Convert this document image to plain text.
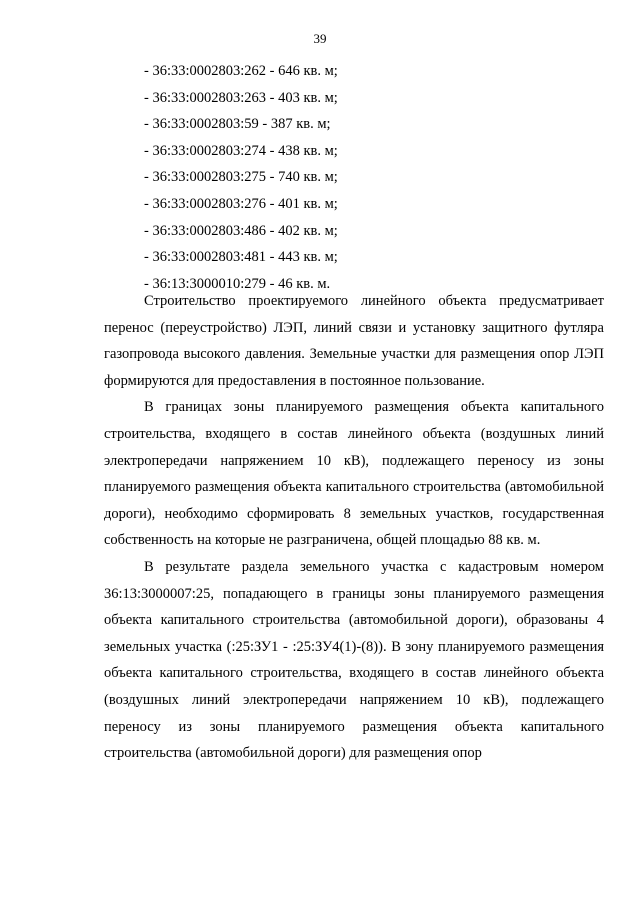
39
- 36:33:0002803:262 - 646 кв. м;
- 36:33:0002803:263 - 403 кв. м;
- 36:33:0002803:59 - 387 кв. м;
- 36:33:0002803:274 - 438 кв. м;
- 36:33:0002803:275 - 740 кв. м;
- 36:33:0002803:276 - 401 кв. м;
- 36:33:0002803:486 - 402 кв. м;
- 36:33:0002803:481 - 443 кв. м;
- 36:13:3000010:279 - 46 кв. м.

Строительство проектируемого линейного объекта предусматривает перенос (переустройство) ЛЭП, линий связи и установку защитного футляра газопровода высокого давления. Земельные участки для размещения опор ЛЭП формируются для предоставления в постоянное пользование.

В границах зоны планируемого размещения объекта капитального строительства, входящего в состав линейного объекта (воздушных линий электропередачи напряжением 10 кВ), подлежащего переносу из зоны планируемого размещения объекта капитального строительства (автомобильной дороги), необходимо сформировать 8 земельных участков, государственная собственность на которые не разграничена, общей площадью 88 кв. м.

В результате раздела земельного участка с кадастровым номером 36:13:3000007:25, попадающего в границы зоны планируемого размещения объекта капитального строительства (автомобильной дороги), образованы 4 земельных участка (:25:ЗУ1 - :25:ЗУ4(1)-(8)). В зону планируемого размещения объекта капитального строительства, входящего в состав линейного объекта (воздушных линий электропередачи напряжением 10 кВ), подлежащего переносу из зоны планируемого размещения объекта капитального строительства (автомобильной дороги) для размещения опор
